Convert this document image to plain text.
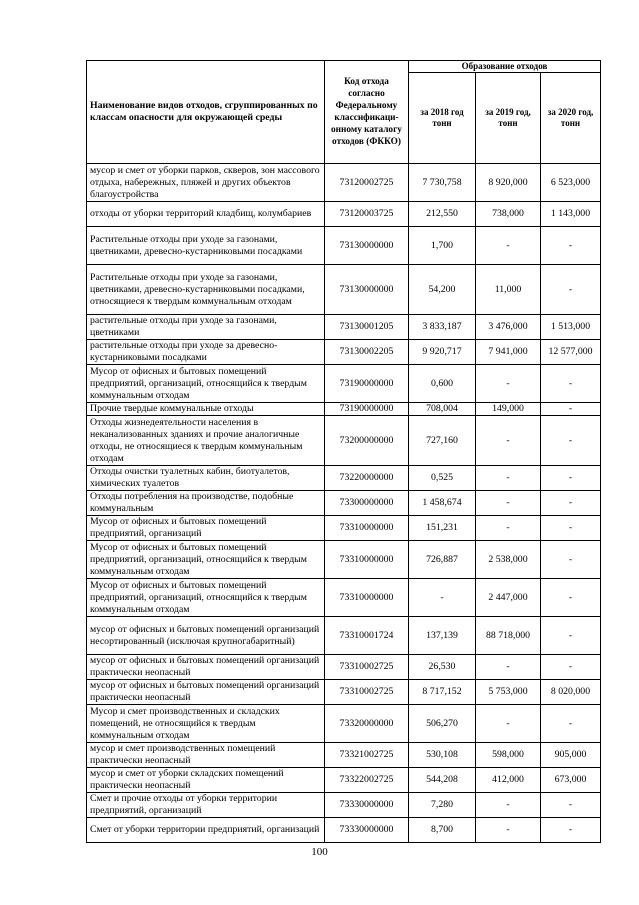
Наименование видов отходов, сгруппированных по классам опасности для окружающей среды	Код отхода согласно Федеральному классификаци-онному каталогу отходов (ФККО)	Образование отходов		
		за 2018 год тонн	за 2019 год, тонн	за 2020 год, тонн
мусор и смет от уборки парков, скверов, зон массового отдыха, набережных, пляжей и других объектов благоустройства	73120002725	7 730,758	8 920,000	6 523,000
отходы от уборки территорий кладбищ, колумбариев	73120003725	212,550	738,000	1 143,000
Растительные отходы при уходе за газонами, цветниками, древесно-кустарниковыми посадками	73130000000	1,700	-	-
Растительные отходы при уходе за газонами, цветниками, древесно-кустарниковыми посадками, относящиеся к твердым коммунальным отходам	73130000000	54,200	11,000	-
растительные отходы при уходе за газонами, цветниками	73130001205	3 833,187	3 476,000	1 513,000
растительные отходы при уходе за древесно-кустарниковыми посадками	73130002205	9 920,717	7 941,000	12 577,000
Мусор от офисных и бытовых помещений предприятий, организаций, относящийся к твердым коммунальным отходам	73190000000	0,600	-	-
Прочие твердые коммунальные отходы	73190000000	708,004	149,000	-
Отходы жизнедеятельности населения в неканализованных зданиях и прочие аналогичные отходы, не относящиеся к твердым коммунальным отходам	73200000000	727,160	-	-
Отходы очистки туалетных кабин, биотуалетов, химических туалетов	73220000000	0,525	-	-
Отходы потребления на производстве, подобные коммунальным	73300000000	1 458,674	-	-
Мусор от офисных и бытовых помещений предприятий, организаций	73310000000	151,231	-	-
Мусор от офисных и бытовых помещений предприятий, организаций, относящийся к твердым коммунальным отходам	73310000000	726,887	2 538,000	-
Мусор от офисных и бытовых помещений предприятий, организаций, относящийся к твердым коммунальным отходам	73310000000	-	2 447,000	-
мусор от офисных и бытовых помещений организаций несортированный (исключая крупногабаритный)	73310001724	137,139	88 718,000	-
мусор от офисных и бытовых помещений организаций практически неопасный	73310002725	26,530	-	-
мусор от офисных и бытовых помещений организаций практически неопасный	73310002725	8 717,152	5 753,000	8 020,000
Мусор и смет производственных и складских помещений, не относящийся к твердым коммунальным отходам	73320000000	506,270	-	-
мусор и смет производственных помещений практически неопасный	73321002725	530,108	598,000	905,000
мусор и смет от уборки складских помещений практически неопасный	73322002725	544,208	412,000	673,000
Смет и прочие отходы от уборки территории предприятий, организаций	73330000000	7,280	-	-
Смет от уборки территории предприятий, организаций	73330000000	8,700	-	-
100
